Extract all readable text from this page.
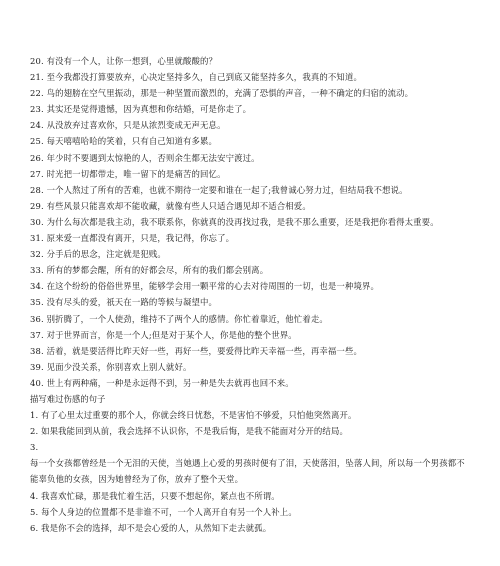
20. 有没有一个人，让你一想到，心里就酸酸的？

21. 至今我都没打算要放弃，心决定坚持多久，自己到底又能坚持多久，我真的不知道。

22. 鸟的翅膀在空气里振动，那是一种坚置而激烈的，充满了恐惧的声音，一种不确定的归宿的流动。

23. 其实还是觉得遗憾，因为真想和你结婚，可是你走了。

24. 从没放弃过喜欢你，只是从浓烈变成无声无息。

25. 每天嘻嘻哈哈的笑着，只有自己知道有多累。

26. 年少时不要遇到太惊艳的人，否则余生都无法安宁渡过。

27. 时光把一切都带走，唯一留下的是痛苦的回忆。

28. 一个人熬过了所有的苦难，也就不期待一定要和谁在一起了;我曾诚心努力过，但结局我不想说。

29. 有些风景只能喜欢却不能收藏，就像有些人只适合遇见却不适合相爱。

30. 为什么每次都是我主动，我不联系你，你就真的没再找过我，是我不那么重要，还是我把你看得太重要。

31. 原来爱一直都没有离开，只是，我记得，你忘了。

32. 分手后的思念，注定就是犯贱。

33. 所有的梦都会醒，所有的好都会尽，所有的我们都会别离。

34. 在这个纷纷的俗俗世界里，能够学会用一颗平常的心去对待周围的一切，也是一种境界。

35. 没有尽头的爱，祇天在一路的等候与凝望中。

36. 别折腾了，一个人使劲，维持不了两个人的感情。你忙着靠近，他忙着走。

37. 对于世界而言，你是一个人;但是对于某个人，你是他的整个世界。

38. 活着，就是要活得比昨天好一些，再好一些，要爱得比昨天幸福一些，再幸福一些。

39. 见面少没关系，你别喜欢上别人就好。

40. 世上有两种痛，一种是永远得不到，另一种是失去就再也回不来。

描写难过伤感的句子

1. 有了心里太过重要的那个人，你就会终日忧愁，不是害怕不够爱，只怕他突然离开。

2. 如果我能回到从前，我会选择不认识你，不是我后悔，是我不能面对分开的结局。

3.

每一个女孩都曾经是一个无泪的天使，当她遇上心爱的男孩时便有了泪，天使落泪，坠落人间，所以每一个男孩都不能辜负他的女孩，因为她曾经为了你，放弃了整个天堂。

4. 我喜欢忙碌，那是我忙着生活，只要不想起你，紧点也不所谓。

5. 每个人身边的位置都不是非谁不可，一个人离开自有另一个人补上。

6. 我是你不会的选择，却不是会心爱的人，从然知下走去就孤。
